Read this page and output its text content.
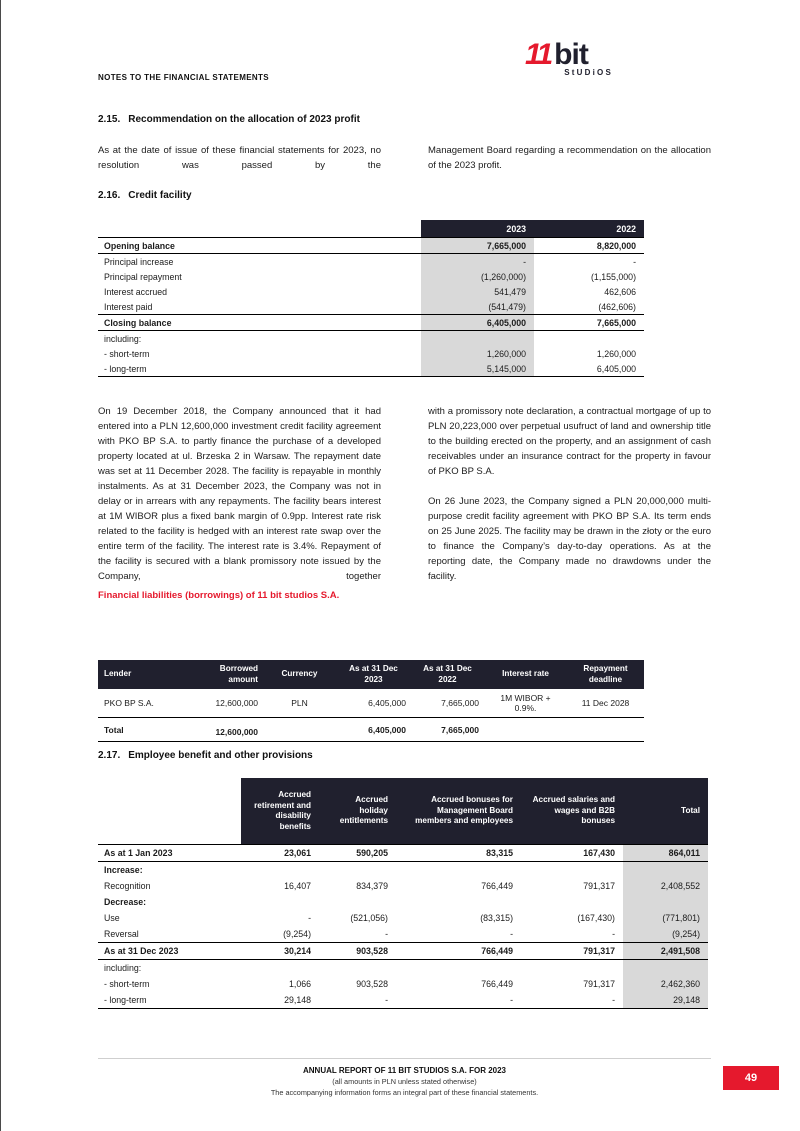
NOTES TO THE FINANCIAL STATEMENTS
11 bit
StUDiOS
2.15. Recommendation on the allocation of 2023 profit

As at the date of issue of these financial statements for 2023, no resolution was passed by the

Management Board regarding a recommendation on the allocation of the 2023 profit.

2.16. Credit facility
	2023	2022
Opening balance	7,665,000	8,820,000
Principal increase	-	-
Principal repayment	(1,260,000)	(1,155,000)
Interest accrued	541,479	462,606
Interest paid	(541,479)	(462,606)
Closing balance	6,405,000	7,665,000
including:		
- short-term	1,260,000	1,260,000
- long-term	5,145,000	6,405,000

On 19 December 2018, the Company announced that it had entered into a PLN 12,600,000 investment credit facility agreement with PKO BP S.A. to partly finance the purchase of a developed property located at ul. Brzeska 2 in Warsaw. The repayment date was set at 11 December 2028. The facility is repayable in monthly instalments. As at 31 December 2023, the Company was not in delay or in arrears with any repayments. The facility bears interest at 1M WIBOR plus a fixed bank margin of 0.9pp. Interest rate risk related to the facility is hedged with an interest rate swap over the entire term of the facility. The interest rate is 3.4%. Repayment of the facility is secured with a blank promissory note issued by the Company, together

Financial liabilities (borrowings) of 11 bit studios S.A.

with a promissory note declaration, a contractual mortgage of up to PLN 20,223,000 over perpetual usufruct of land and ownership title to the building erected on the property, and an assignment of cash receivables under an insurance contract for the property in favour of PKO BP S.A.

On 26 June 2023, the Company signed a PLN 20,000,000 multi-purpose credit facility agreement with PKO BP S.A. Its term ends on 25 June 2025. The facility may be drawn in the złoty or the euro to finance the Company’s day-to-day operations. As at the reporting date, the Company made no drawdowns under the facility.

Lender	Borrowed amount	Currency	As at 31 Dec 2023	As at 31 Dec 2022	Interest rate	Repayment deadline
PKO BP S.A.	12,600,000	PLN	6,405,000	7,665,000	1M WIBOR + 0.9%.	11 Dec 2028
Total	12,600,000		6,405,000	7,665,000		
2.17. Employee benefit and other provisions
	Accrued retirement and disability benefits	Accrued holiday entitlements	Accrued bonuses for Management Board members and employees	Accrued salaries and wages and B2B bonuses	Total
As at 1 Jan 2023	23,061	590,205	83,315	167,430	864,011
Increase:					
Recognition	16,407	834,379	766,449	791,317	2,408,552
Decrease:					
Use	-	(521,056)	(83,315)	(167,430)	(771,801)
Reversal	(9,254)	-	-	-	(9,254)
As at 31 Dec 2023	30,214	903,528	766,449	791,317	2,491,508
including:					
- short-term	1,066	903,528	766,449	791,317	2,462,360
- long-term	29,148	-	-	-	29,148
ANNUAL REPORT OF 11 BIT STUDIOS S.A. FOR 2023
(all amounts in PLN unless stated otherwise)
The accompanying information forms an integral part of these financial statements.
49
